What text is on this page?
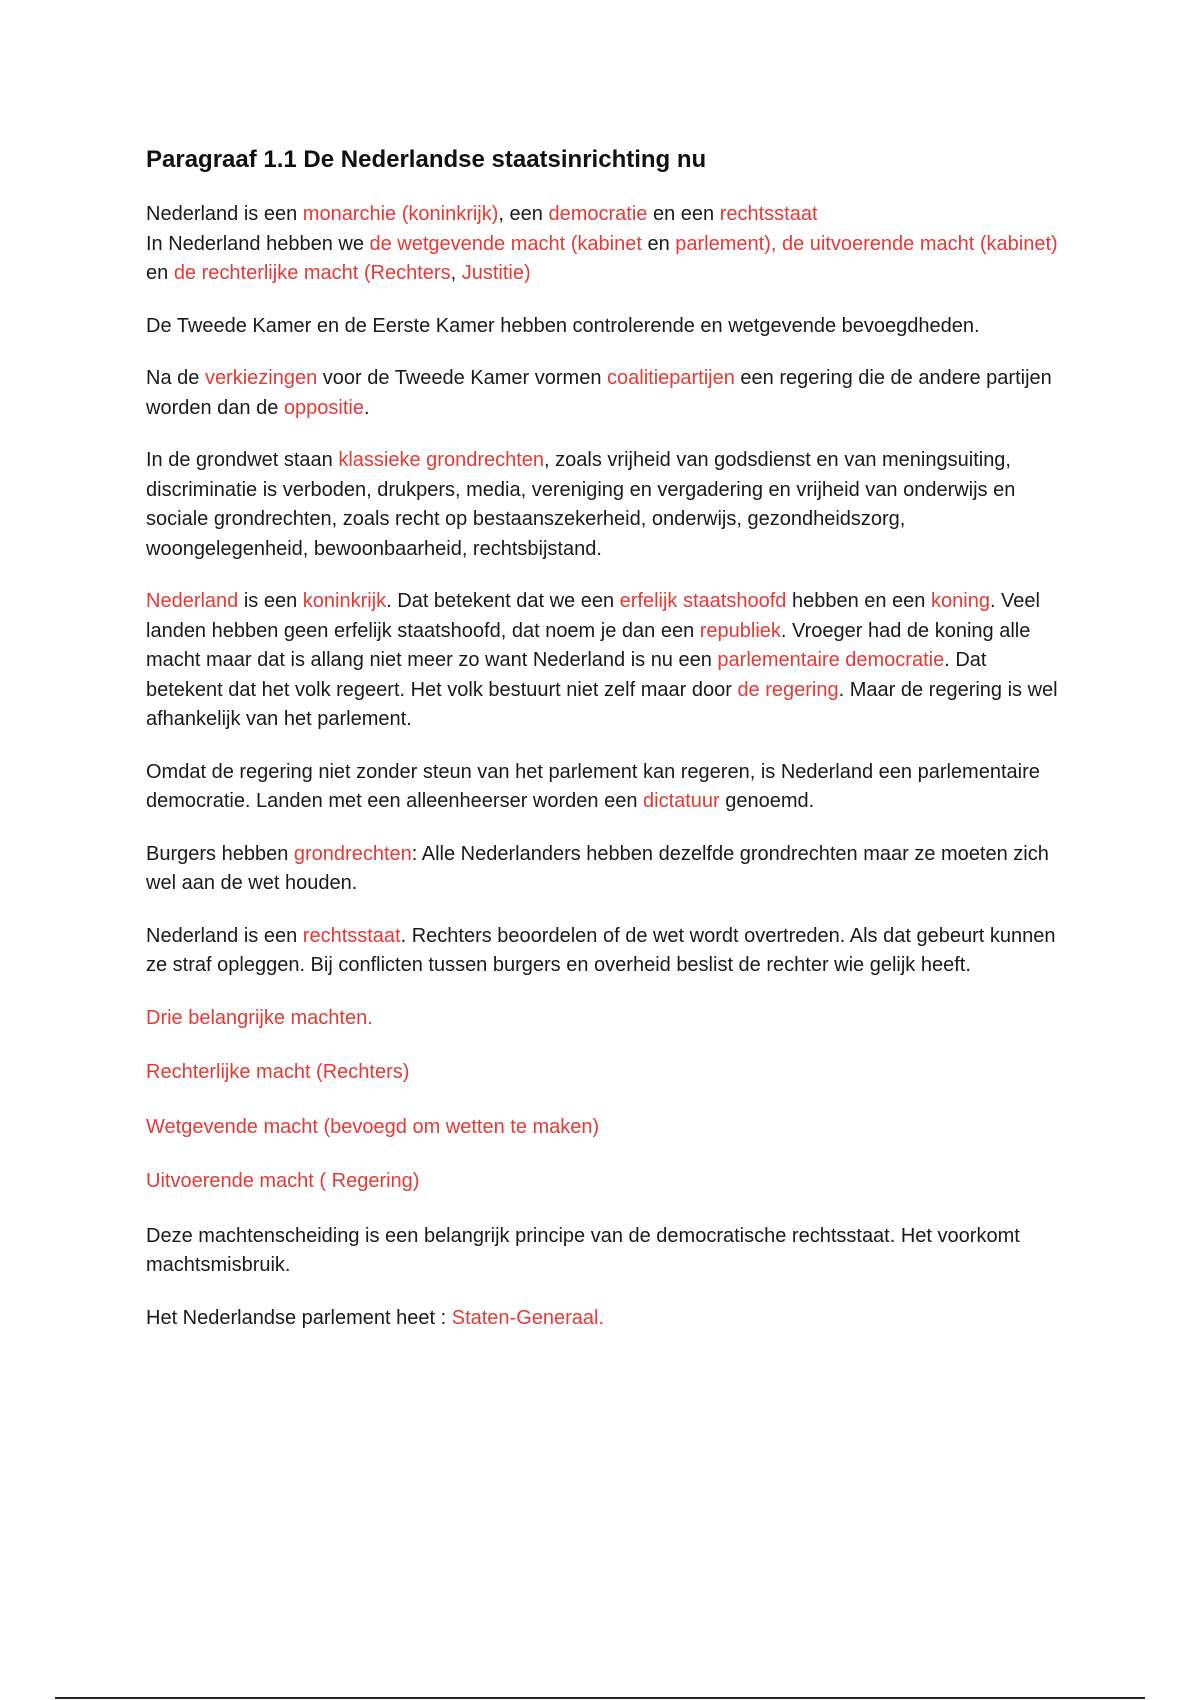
Paragraaf 1.1 De Nederlandse staatsinrichting nu

Nederland is een monarchie (koninkrijk), een democratie en een rechtsstaat
In Nederland hebben we de wetgevende macht (kabinet en parlement), de uitvoerende macht (kabinet) en de rechterlijke macht (Rechters, Justitie)

De Tweede Kamer en de Eerste Kamer hebben controlerende en wetgevende bevoegdheden.

Na de verkiezingen voor de Tweede Kamer vormen coalitiepartijen een regering die de andere partijen worden dan de oppositie.

In de grondwet staan klassieke grondrechten, zoals vrijheid van godsdienst en van meningsuiting, discriminatie is verboden, drukpers, media, vereniging en vergadering en vrijheid van onderwijs en sociale grondrechten, zoals recht op bestaanszekerheid, onderwijs, gezondheidszorg, woongelegenheid, bewoonbaarheid, rechtsbijstand.

Nederland is een koninkrijk. Dat betekent dat we een erfelijk staatshoofd hebben en een koning. Veel landen hebben geen erfelijk staatshoofd, dat noem je dan een republiek. Vroeger had de koning alle macht maar dat is allang niet meer zo want Nederland is nu een parlementaire democratie. Dat betekent dat het volk regeert. Het volk bestuurt niet zelf maar door de regering. Maar de regering is wel afhankelijk van het parlement.

Omdat de regering niet zonder steun van het parlement kan regeren, is Nederland een parlementaire democratie. Landen met een alleenheerser worden een dictatuur genoemd.

Burgers hebben grondrechten: Alle Nederlanders hebben dezelfde grondrechten maar ze moeten zich wel aan de wet houden.

Nederland is een rechtsstaat. Rechters beoordelen of de wet wordt overtreden. Als dat gebeurt kunnen ze straf opleggen. Bij conflicten tussen burgers en overheid beslist de rechter wie gelijk heeft.

Drie belangrijke machten.

Rechterlijke macht (Rechters)

Wetgevende macht (bevoegd om wetten te maken)

Uitvoerende macht ( Regering)

Deze machtenscheiding is een belangrijk principe van de democratische rechtsstaat. Het voorkomt machtsmisbruik.

Het Nederlandse parlement heet : Staten-Generaal.
